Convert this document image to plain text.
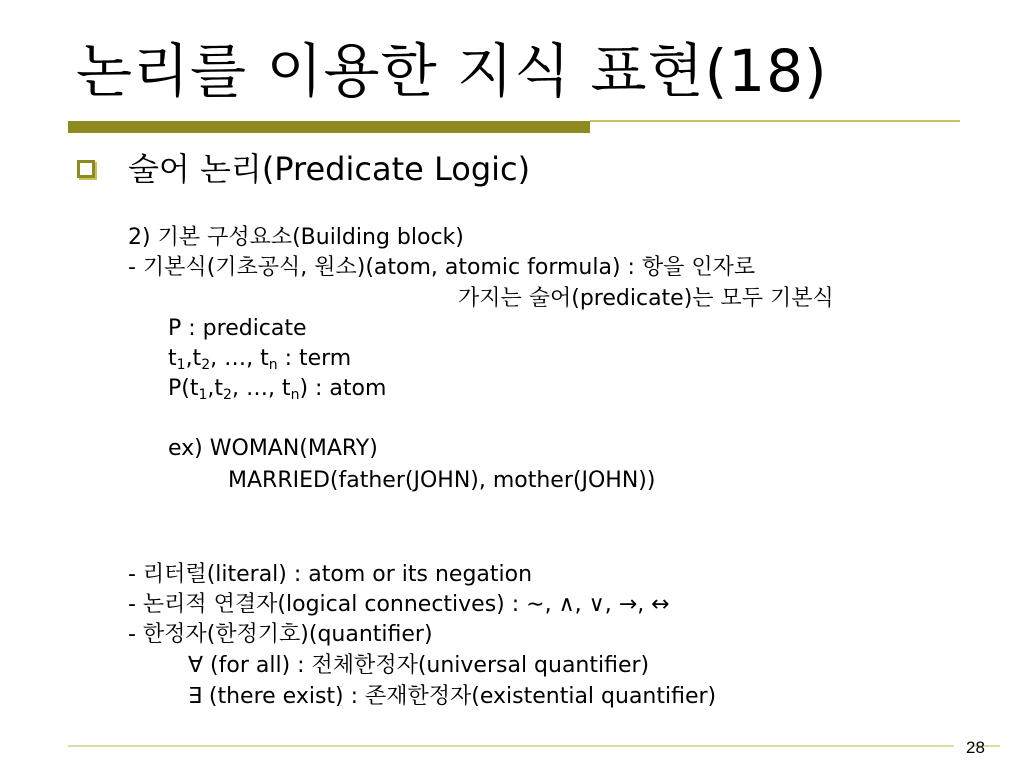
논리를 이용한 지식 표현(18)
술어 논리(Predicate Logic)
2) 기본 구성요소(Building block)
- 기본식(기초공식, 원소)(atom, atomic formula) : 항을 인자로
가지는 술어(predicate)는 모두 기본식
P : predicate
$t_1,t_2$, …, $t_n$ : term
$P(t_1,t_2$, …, $t_n$) : atom
ex) WOMAN(MARY)
MARRIED(father(JOHN), mother(JOHN))
- 리터럴(literal) : atom or its negation
- 논리적 연결자(logical connectives) : ∼, ∧, ∨, →, ↔
- 한정자(한정기호)(quantifier)
∀ (for all) : 전체한정자(universal quantifier)
∃ (there exist) : 존재한정자(existential quantifier)
28
